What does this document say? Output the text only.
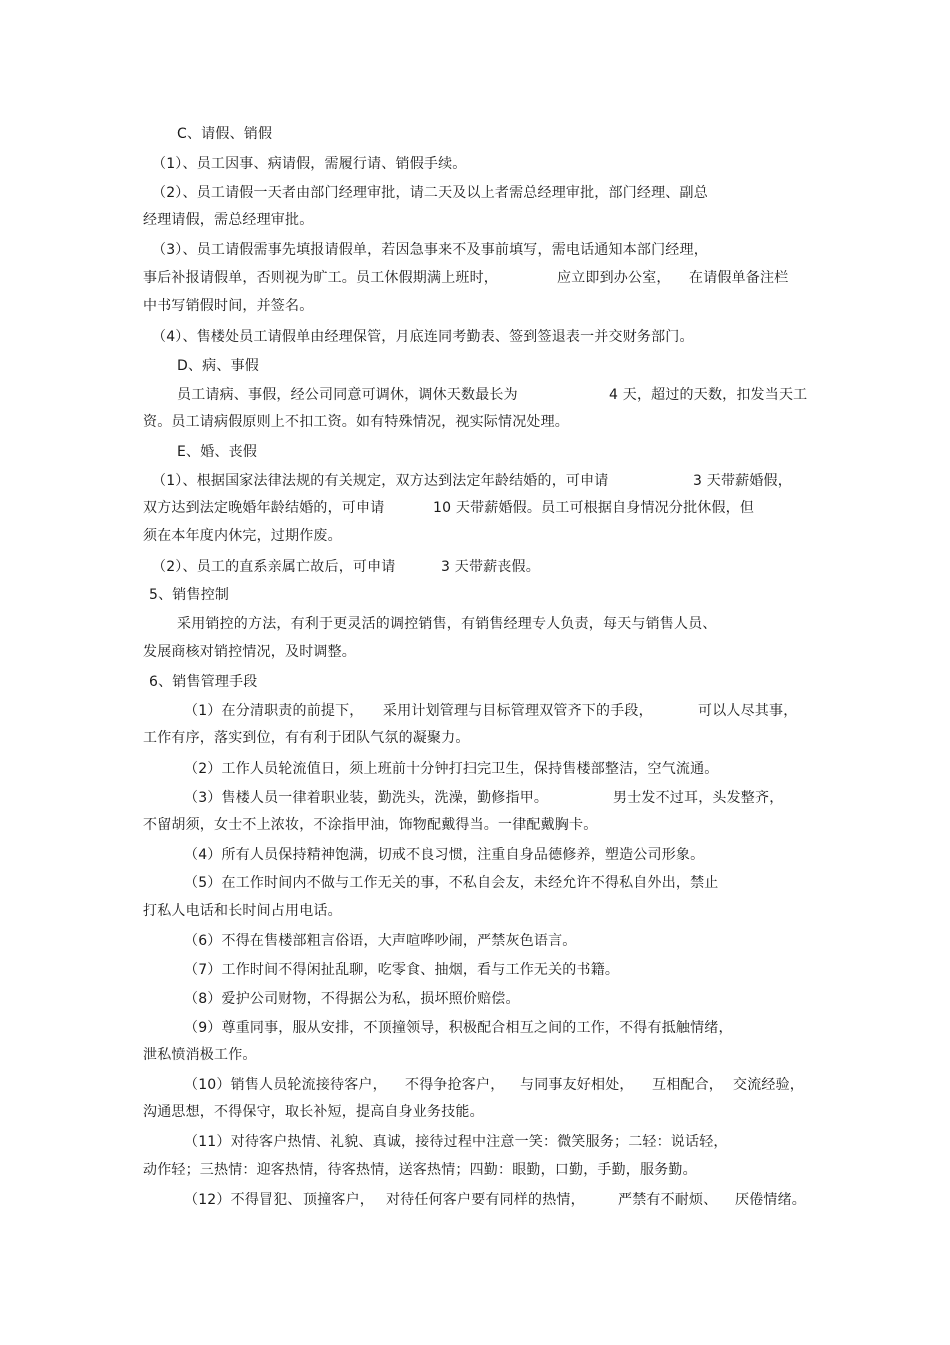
C、请假、销假
（1）、员工因事、病请假，需履行请、销假手续。
（2）、员工请假一天者由部门经理审批，请二天及以上者需总经理审批，部门经理、副总
经理请假，需总经理审批。
（3）、员工请假需事先填报请假单，若因急事来不及事前填写，需电话通知本部门经理，
事后补报请假单，否则视为旷工。员工休假期满上班时，	应立即到办公室， 在请假单备注栏
中书写销假时间，并签名。
（4）、售楼处员工请假单由经理保管，月底连同考勤表、签到签退表一并交财务部门。
D、病、事假
员工请病、事假，经公司同意可调休，调休天数最长为	4 天，超过的天数，扣发当天工
资。员工请病假原则上不扣工资。如有特殊情况，视实际情况处理。
E、婚、丧假
（1）、根据国家法律法规的有关规定，双方达到法定年龄结婚的，可申请	3 天带薪婚假，
双方达到法定晚婚年龄结婚的，可申请	10 天带薪婚假。员工可根据自身情况分批休假，但
须在本年度内休完，过期作废。
（2）、员工的直系亲属亡故后，可申请	3 天带薪丧假。
5、销售控制
采用销控的方法，有利于更灵活的调控销售，有销售经理专人负责，每天与销售人员、
发展商核对销控情况，及时调整。
6、销售管理手段
（1）在分清职责的前提下， 采用计划管理与目标管理双管齐下的手段，	可以人尽其事，
工作有序，落实到位，有有利于团队气氛的凝聚力。
（2）工作人员轮流值日，须上班前十分钟打扫完卫生，保持售楼部整洁，空气流通。
（3）售楼人员一律着职业装，勤洗头，洗澡，勤修指甲。	男士发不过耳，头发整齐，
不留胡须，女士不上浓妆，不涂指甲油，饰物配戴得当。一律配戴胸卡。
（4）所有人员保持精神饱满，切戒不良习惯，注重自身品德修养，塑造公司形象。
（5）在工作时间内不做与工作无关的事，不私自会友，未经允许不得私自外出，禁止
打私人电话和长时间占用电话。
（6）不得在售楼部粗言俗语，大声喧哗吵闹，严禁灰色语言。
（7）工作时间不得闲扯乱聊，吃零食、抽烟，看与工作无关的书籍。
（8）爱护公司财物，不得据公为私，损坏照价赔偿。
（9）尊重同事，服从安排，不顶撞领导，积极配合相互之间的工作，不得有抵触情绪，
泄私愤消极工作。
（10）销售人员轮流接待客户， 不得争抢客户， 与同事友好相处， 互相配合， 交流经验，
沟通思想，不得保守，取长补短，提高自身业务技能。
（11）对待客户热情、礼貌、真诚，接待过程中注意一笑：微笑服务；二轻：说话轻，
动作轻；三热情：迎客热情，待客热情，送客热情；四勤：眼勤，口勤，手勤，服务勤。
（12）不得冒犯、 顶撞客户， 对待任何客户要有同样的热情， 严禁有不耐烦、 厌倦情绪。
